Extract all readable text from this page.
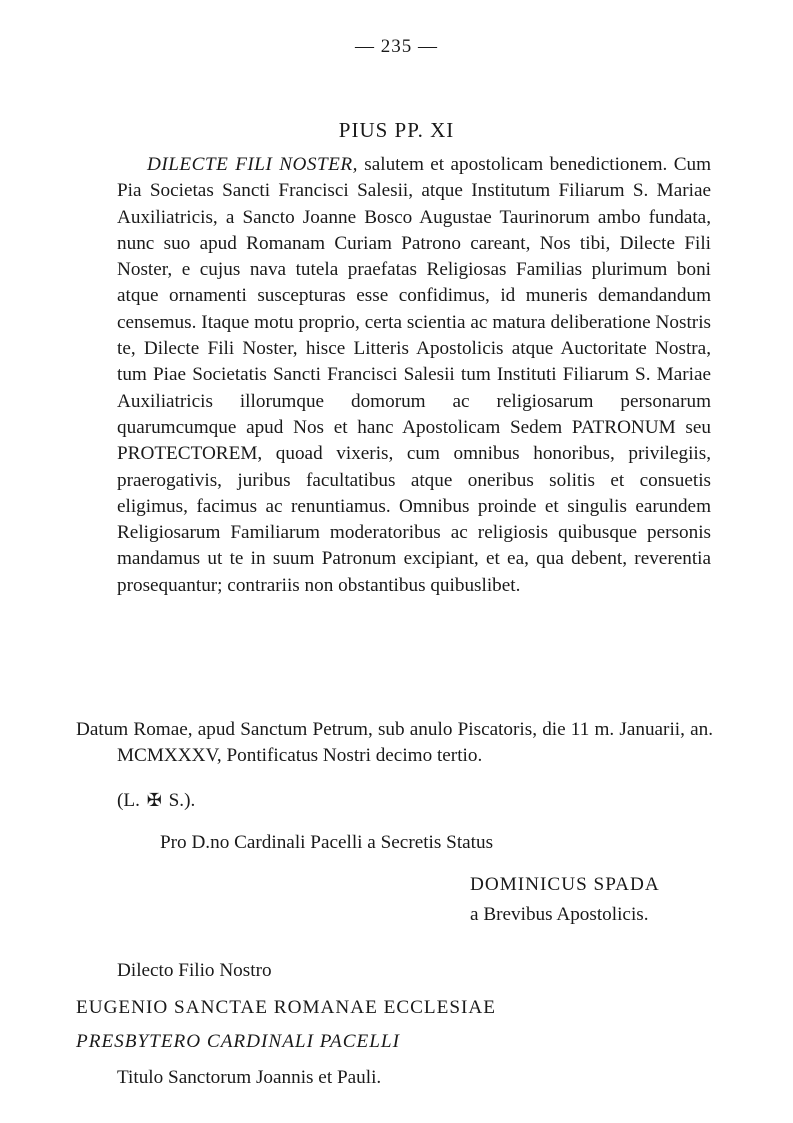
— 235 —
PIUS PP. XI

DILECTE FILI NOSTER, salutem et apostolicam benedictionem. Cum Pia Societas Sancti Francisci Salesii, atque Institutum Filiarum S. Mariae Auxiliatricis, a Sancto Joanne Bosco Augustae Taurinorum ambo fundata, nunc suo apud Romanam Curiam Patrono careant, Nos tibi, Dilecte Fili Noster, e cujus nava tutela praefatas Religiosas Familias plurimum boni atque ornamenti suscepturas esse confidimus, id muneris demandandum censemus. Itaque motu proprio, certa scientia ac matura deliberatione Nostris te, Dilecte Fili Noster, hisce Litteris Apostolicis atque Auctoritate Nostra, tum Piae Societatis Sancti Francisci Salesii tum Instituti Filiarum S. Mariae Auxiliatricis illorumque domorum ac religiosarum personarum quarumcumque apud Nos et hanc Apostolicam Sedem PATRONUM seu PROTECTOREM, quoad vixeris, cum omnibus honoribus, privilegiis, praerogativis, juribus facultatibus atque oneribus solitis et consuetis eligimus, facimus ac renuntiamus. Omnibus proinde et singulis earundem Religiosarum Familiarum moderatoribus ac religiosis quibusque personis mandamus ut te in suum Patronum excipiant, et ea, qua debent, reverentia prosequantur; contrariis non obstantibus quibuslibet.

Datum Romae, apud Sanctum Petrum, sub anulo Piscatoris, die 11 m. Januarii, an. MCMXXXV, Pontificatus Nostri decimo tertio.

(L. ✠ S.).
Pro D.no Cardinali Pacelli a Secretis Status
DOMINICUS SPADA
a Brevibus Apostolicis.
Dilecto Filio Nostro
EUGENIO SANCTAE ROMANAE ECCLESIAE
PRESBYTERO CARDINALI PACELLI
Titulo Sanctorum Joannis et Pauli.
